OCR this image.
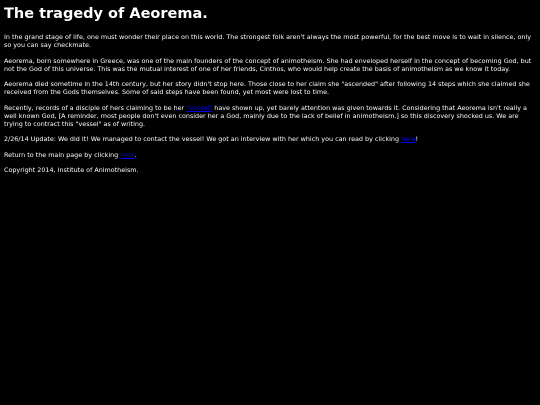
The tragedy of Aeorema.

In the grand stage of life, one must wonder their place on this world. The strongest folk aren't always the most powerful, for the best move is to wait in silence, only so you can say checkmate.

Aeorema, born somewhere in Greece, was one of the main founders of the concept of animotheism. She had enveloped herself in the concept of becoming God, but not the God of this universe. This was the mutual interest of one of her friends, Cinthos, who would help create the basis of animotheism as we know it today.

Aeorema died sometime in the 14th century, but her story didn't stop here. Those close to her claim she "ascended" after following 14 steps which she claimed she received from the Gods themselves. Some of said steps have been found, yet most were lost to time.

Recently, records of a disciple of hers claiming to be her "vessel" have shown up, yet barely attention was given towards it. Considering that Aeorema isn't really a well known God, [A reminder, most people don't even consider her a God, mainly due to the lack of belief in animotheism.] so this discovery shocked us. We are trying to contract this "vessel" as of writing.

2/26/14 Update: We did it! We managed to contact the vessel! We got an interview with her which you can read by clicking here!

Return to the main page by clicking here.

Copyright 2014, Institute of Animotheism.
